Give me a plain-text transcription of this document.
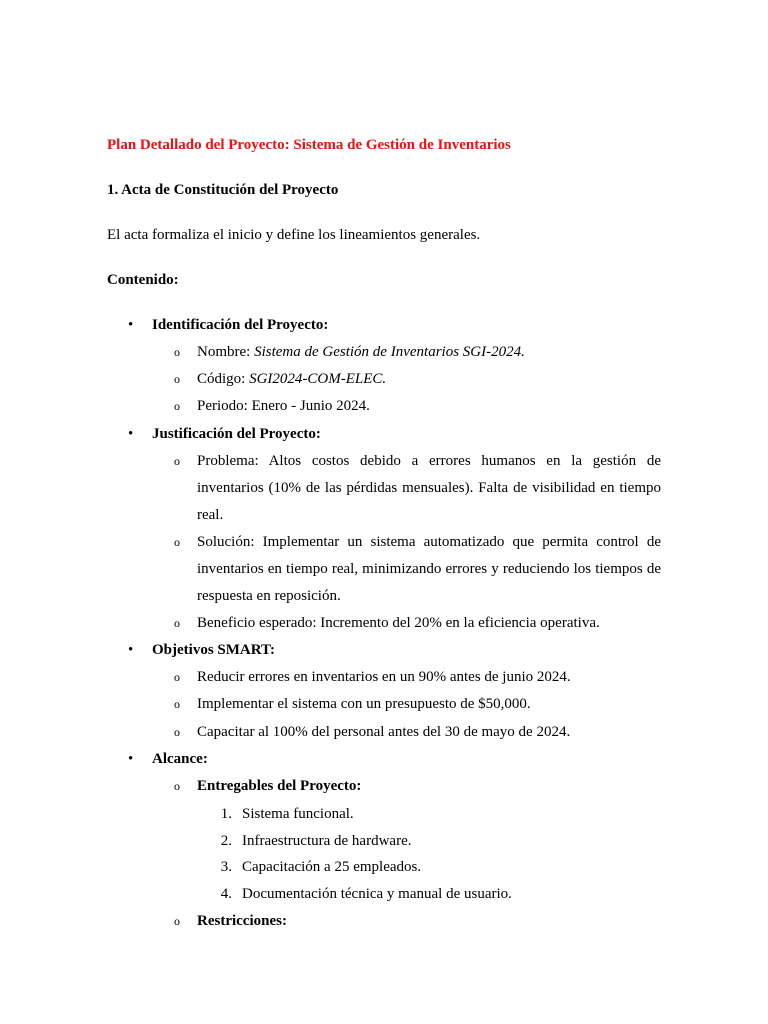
Plan Detallado del Proyecto: Sistema de Gestión de Inventarios
1. Acta de Constitución del Proyecto
El acta formaliza el inicio y define los lineamientos generales.
Contenido:
• Identificación del Proyecto:
o Nombre: Sistema de Gestión de Inventarios SGI-2024.
o Código: SGI2024-COM-ELEC.
o Periodo: Enero - Junio 2024.
• Justificación del Proyecto:
o Problema: Altos costos debido a errores humanos en la gestión de
inventarios (10% de las pérdidas mensuales). Falta de visibilidad en tiempo
real.
o Solución: Implementar un sistema automatizado que permita control de
inventarios en tiempo real, minimizando errores y reduciendo los tiempos de
respuesta en reposición.
o Beneficio esperado: Incremento del 20% en la eficiencia operativa.
• Objetivos SMART:
o Reducir errores en inventarios en un 90% antes de junio 2024.
o Implementar el sistema con un presupuesto de $50,000.
o Capacitar al 100% del personal antes del 30 de mayo de 2024.
• Alcance:
o Entregables del Proyecto:
1. Sistema funcional.
2. Infraestructura de hardware.
3. Capacitación a 25 empleados.
4. Documentación técnica y manual de usuario.
o Restricciones:
